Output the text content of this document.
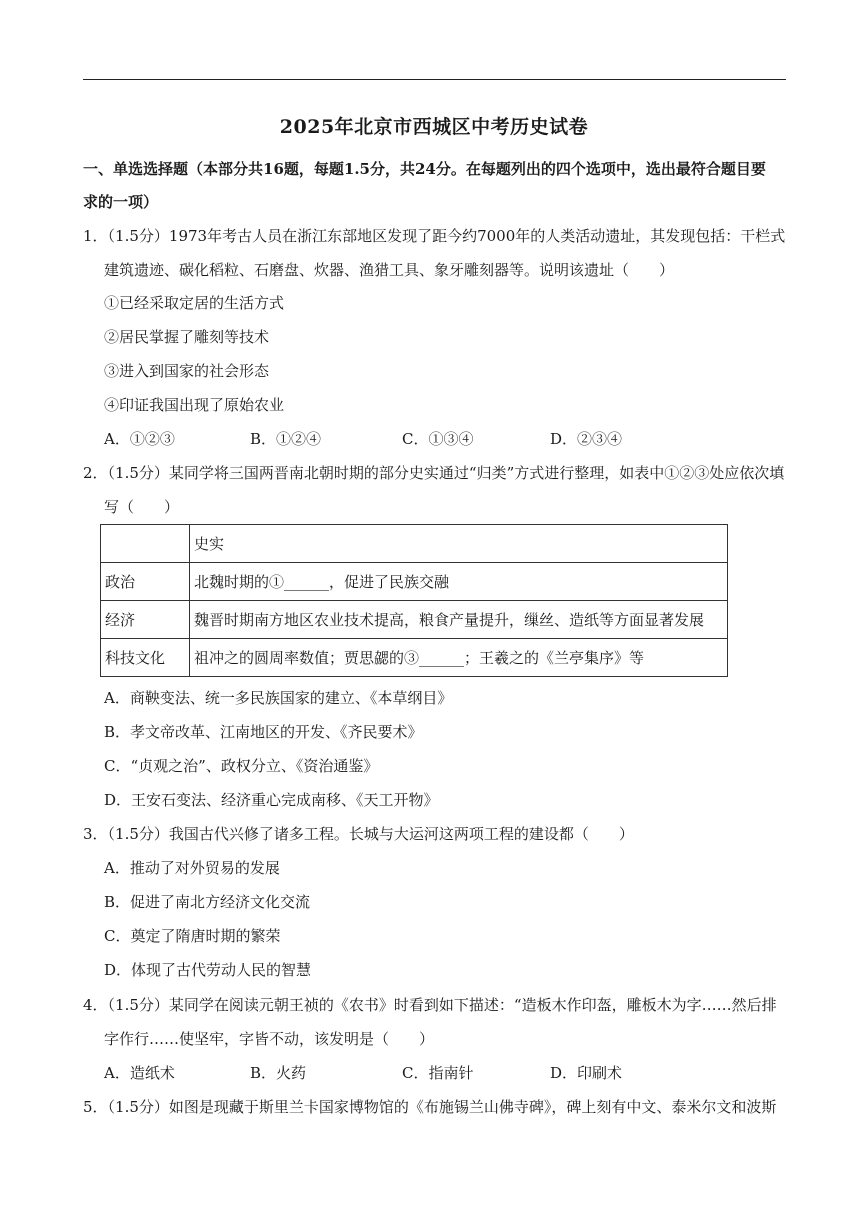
2025年北京市西城区中考历史试卷
一、单选选择题（本部分共16题，每题1.5分，共24分。在每题列出的四个选项中，选出最符合题目要
求的一项）
1．（1.5分）1973年考古人员在浙江东部地区发现了距今约7000年的人类活动遗址，其发现包括：干栏式
建筑遗迹、碳化稻粒、石磨盘、炊器、渔猎工具、象牙雕刻器等。说明该遗址（　　）
①已经采取定居的生活方式
②居民掌握了雕刻等技术
③进入到国家的社会形态
④印证我国出现了原始农业
A．①②③	B．①②④	C．①③④	D．②③④
2．（1.5分）某同学将三国两晋南北朝时期的部分史实通过“归类”方式进行整理，如表中①②③处应依次填
写（　　）
	史实
政治	北魏时期的①______，促进了民族交融
经济	魏晋时期南方地区农业技术提高，粮食产量提升，缫丝、造纸等方面显著发展
科技文化	祖冲之的圆周率数值；贾思勰的③______；王羲之的《兰亭集序》等
A．商鞅变法、统一多民族国家的建立、《本草纲目》
B．孝文帝改革、江南地区的开发、《齐民要术》
C．“贞观之治”、政权分立、《资治通鉴》
D．王安石变法、经济重心完成南移、《天工开物》
3．（1.5分）我国古代兴修了诸多工程。长城与大运河这两项工程的建设都（　　）
A．推动了对外贸易的发展
B．促进了南北方经济文化交流
C．奠定了隋唐时期的繁荣
D．体现了古代劳动人民的智慧
4．（1.5分）某同学在阅读元朝王祯的《农书》时看到如下描述：“造板木作印盔，雕板木为字……然后排
字作行……使坚牢，字皆不动，该发明是（　　）
A．造纸术	B．火药	C．指南针	D．印刷术
5．（1.5分）如图是现藏于斯里兰卡国家博物馆的《布施锡兰山佛寺碑》，碑上刻有中文、泰米尔文和波斯
